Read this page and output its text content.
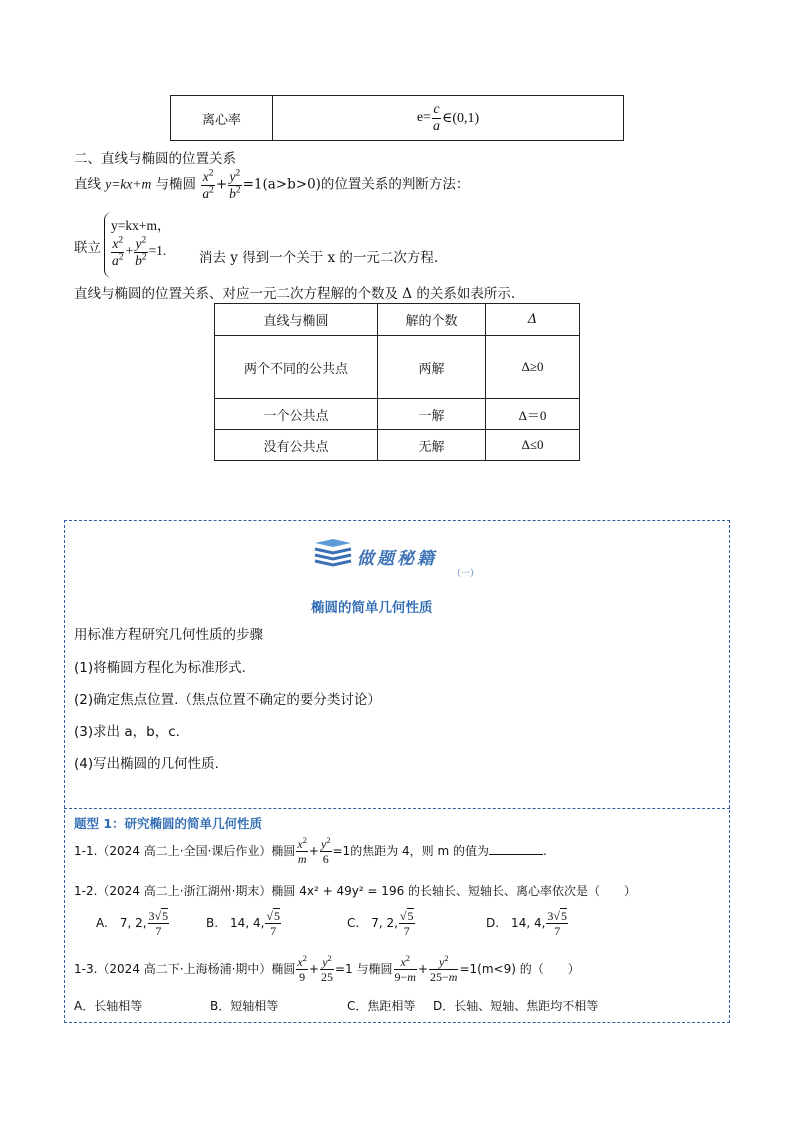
离心率	$e= \frac{c}{a}$ ∈(0,1)
二、直线与椭圆的位置关系
直线 y=kx+m 与椭圆 $\frac{x^2}{a^2} + \frac{y^2}{b^2} =1(a>b>0)$的位置关系的判断方法：
联立
y=kx+m，
$\frac{x^2}{a^2} + \frac{y^2}{b^2} =1$. 消去 y 得到一个关于 x 的一元二次方程.
直线与椭圆的位置关系、对应一元二次方程解的个数及 Δ 的关系如表所示.
直线与椭圆	解的个数	Δ
两个不同的公共点	两解	Δ≥0
一个公共点	一解	Δ＝0
没有公共点	无解	Δ≤0
做题秘籍
（一）
椭圆的简单几何性质
用标准方程研究几何性质的步骤
(1)将椭圆方程化为标准形式.
(2)确定焦点位置.（焦点位置不确定的要分类讨论）
(3)求出 a，b，c.
(4)写出椭圆的几何性质.
题型 1：研究椭圆的简单几何性质
1-1.（2024 高二上·全国·课后作业）椭圆 $\frac{x^2}{m} + \frac{y^2}{6} =1$的焦距为 4，则 m 的值为	.
1-2.（2024 高二上·浙江湖州·期末）椭圆 4x² + 49y² = 196 的长轴长、短轴长、离心率依次是（　　）
A.　7, 2, $\frac{3√5}{7}$	B.　14, 4, $\frac{√5}{7}$	C.　7, 2, $\frac{√5}{7}$	D.　14, 4, $\frac{3√5}{7}$
1-3.（2024 高二下·上海杨浦·期中）椭圆 $\frac{x^2}{9} + \frac{y^2}{25} =1$ 与椭圆 $\frac{x^2}{9-m} + \frac{y^2}{25-m} =1(m<9)$ 的（　　）
A．长轴相等	B．短轴相等	C．焦距相等 D．长轴、短轴、焦距均不相等
